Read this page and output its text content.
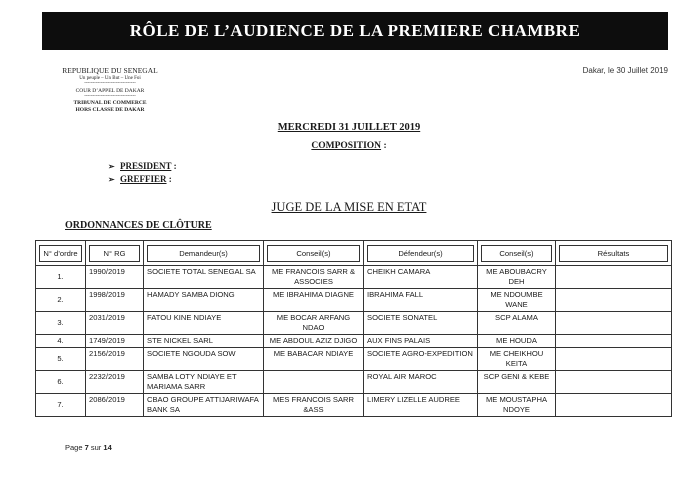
RÔLE DE L’AUDIENCE DE LA PREMIERE CHAMBRE
REPUBLIQUE DU SENEGAL
Un peuple – Un But – Une Foi
-------------------------------
COUR D’APPEL DE DAKAR
-------------------------------
TRIBUNAL DE COMMERCE
HORS CLASSE DE DAKAR
Dakar, le 30 Juillet 2019
MERCREDI 31 JUILLET 2019
COMPOSITION :
➢ PRESIDENT :
➢ GREFFIER :
JUGE DE LA MISE EN ETAT
ORDONNANCES DE CLÔTURE
N° d’ordre	N° RG	Demandeur(s)	Conseil(s)	Défendeur(s)	Conseil(s)	Résultats

1.	1990/2019	SOCIETE TOTAL SENEGAL SA	ME FRANCOIS SARR & ASSOCIES	CHEIKH CAMARA	ME ABOUBACRY DEH	
2.	1998/2019	HAMADY SAMBA DIONG	ME IBRAHIMA DIAGNE	IBRAHIMA FALL	ME NDOUMBE WANE	
3.	2031/2019	FATOU KINE NDIAYE	ME BOCAR ARFANG NDAO	SOCIETE SONATEL	SCP ALAMA	
4.	1749/2019	STE NICKEL SARL	ME ABDOUL AZIZ DJIGO	AUX FINS PALAIS	ME HOUDA	
5.	2156/2019	SOCIETE NGOUDA SOW	ME BABACAR NDIAYE	SOCIETE AGRO-EXPEDITION	ME CHEIKHOU KEITA	
6.	2232/2019	SAMBA LOTY NDIAYE ET MARIAMA SARR		ROYAL AIR MAROC	SCP GENI & KEBE	
7.	2086/2019	CBAO GROUPE ATTIJARIWAFA BANK SA	MES FRANCOIS SARR &ASS	LIMERY LIZELLE AUDREE	ME MOUSTAPHA NDOYE	
Page 7 sur 14
